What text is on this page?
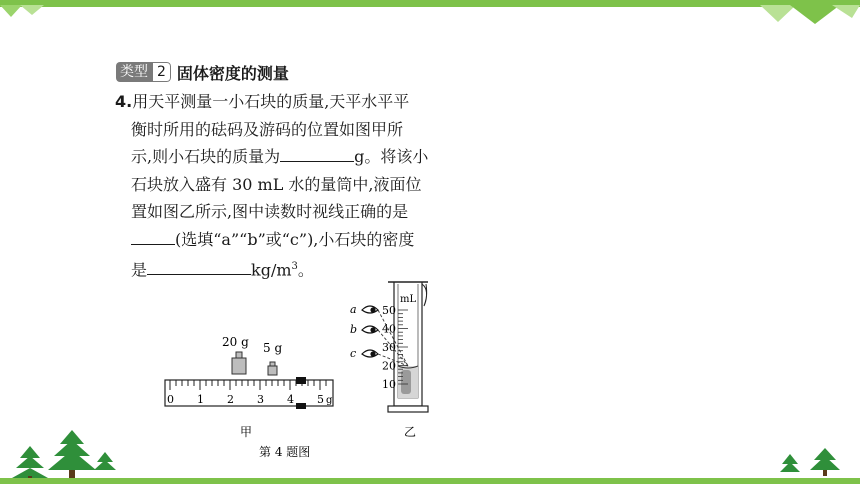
类型 2 固体密度的测量
4.用天平测量一小石块的质量,天平水平平
衡时所用的砝码及游码的位置如图甲所
示,则小石块的质量为	g。将该小
石块放入盛有 30 mL 水的量筒中,液面位
置如图乙所示,图中读数时视线正确的是
(选填“a”“b”或“c”),小石块的密度
是	$kg/m^3$。
20 g 5 g
0 1 2 3 4 5 g
甲
mL
50
40
30
20
10
a
b
c
乙
第 4 题图
